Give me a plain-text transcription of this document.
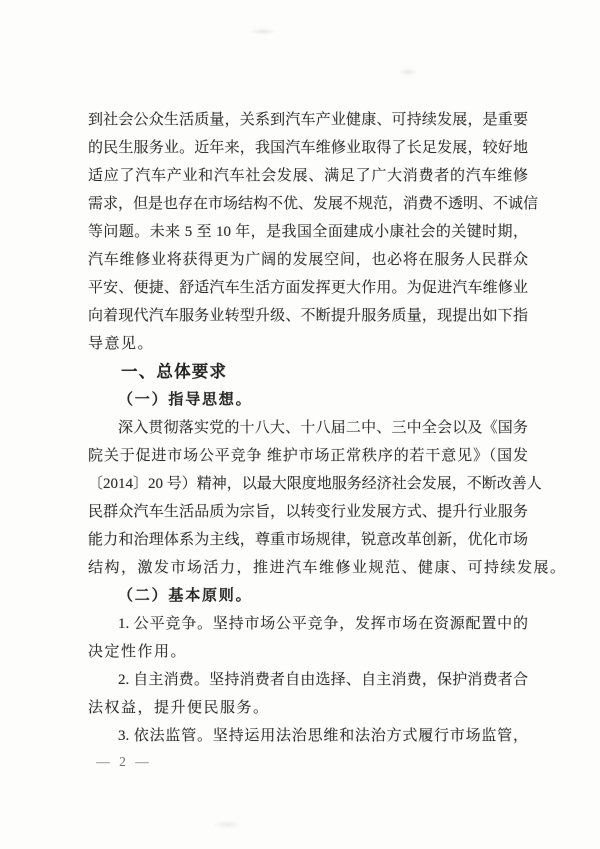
到社会公众生活质量，关系到汽车产业健康、可持续发展，是重要
的民生服务业。近年来，我国汽车维修业取得了长足发展，较好地
适应了汽车产业和汽车社会发展、满足了广大消费者的汽车维修
需求，但是也存在市场结构不优、发展不规范，消费不透明、不诚信
等问题。未来 5 至 10 年，是我国全面建成小康社会的关键时期，
汽车维修业将获得更为广阔的发展空间，也必将在服务人民群众
平安、便捷、舒适汽车生活方面发挥更大作用。为促进汽车维修业
向着现代汽车服务业转型升级、不断提升服务质量，现提出如下指
导意见。
一、总体要求
（一）指导思想。
深入贯彻落实党的十八大、十八届二中、三中全会以及《国务
院关于促进市场公平竞争 维护市场正常秩序的若干意见》（国发
〔2014〕20 号）精神，以最大限度地服务经济社会发展，不断改善人
民群众汽车生活品质为宗旨，以转变行业发展方式、提升行业服务
能力和治理体系为主线，尊重市场规律，锐意改革创新，优化市场
结构，激发市场活力，推进汽车维修业规范、健康、可持续发展。
（二）基本原则。
1. 公平竞争。坚持市场公平竞争，发挥市场在资源配置中的
决定性作用。
2. 自主消费。坚持消费者自由选择、自主消费，保护消费者合
法权益，提升便民服务。
3. 依法监管。坚持运用法治思维和法治方式履行市场监管，
— 2 —
